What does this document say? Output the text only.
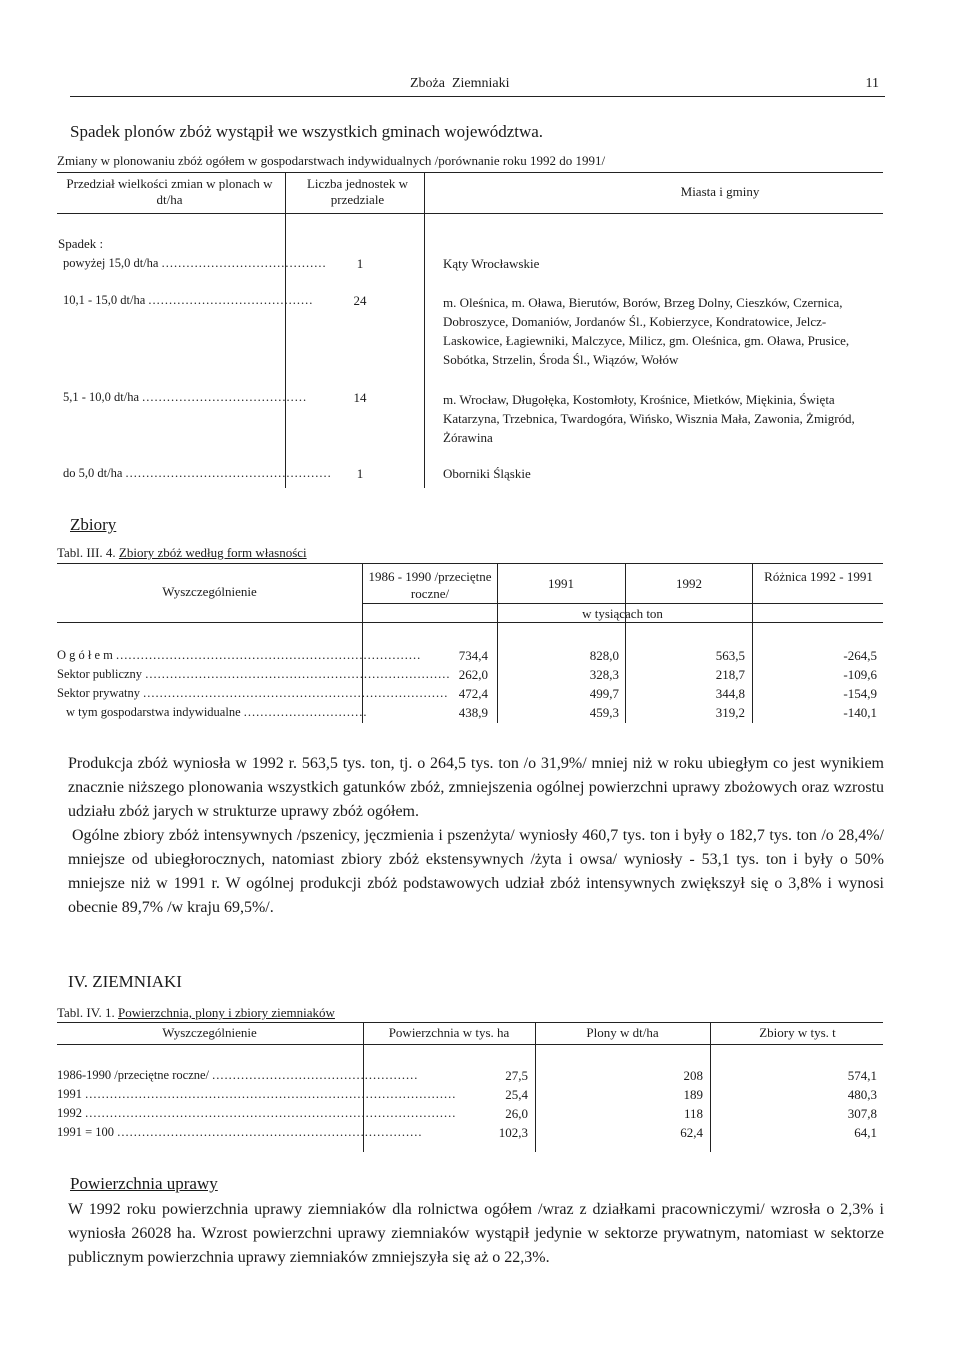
Zboża  Ziemniaki	11
Spadek plonów zbóż wystąpił we wszystkich gminach województwa.
Zmiany w plonowaniu zbóż ogółem w gospodarstwach indywidualnych /porównanie roku 1992 do 1991/
Przedział wielkości zmian w plonach w dt/ha
Liczba jednostek w przedziale
Miasta i gminy
Spadek :
powyżej 15,0 dt/ha ........................................	1	Kąty Wrocławskie
10,1 - 15,0 dt/ha ........................................	24	m. Oleśnica, m. Oława, Bierutów, Borów, Brzeg Dolny, Cieszków, Czernica, Dobroszyce, Domaniów, Jordanów Śl., Kobierzyce, Kondratowice, Jelcz-Laskowice, Łagiewniki, Malczyce, Milicz, gm. Oleśnica, gm. Oława, Prusice, Sobótka, Strzelin, Środa Śl., Wiązów, Wołów
5,1 - 10,0 dt/ha ........................................	14	m. Wrocław, Długołęka, Kostomłoty, Krośnice, Mietków, Miękinia, Święta Katarzyna, Trzebnica, Twardogóra, Wińsko, Wisznia Mała, Zawonia, Żmigród, Żórawina
do 5,0 dt/ha ..................................................	1	Oborniki Śląskie
Zbiory
Tabl. III. 4. Zbiory zbóż według form własności
Wyszczególnienie
1986 - 1990 /przeciętne roczne/
1991	1992	Różnica 1992 - 1991
w tysiącach ton
O g ó ł e m ..........................................................................	734,4	828,0	563,5	-264,5
Sektor publiczny .......................................................................... 262,0	328,3	218,7	-109,6
Sektor prywatny .......................................................................... 472,4	499,7	344,8	-154,9
w tym gospodarstwa indywidualne ..............................	438,9	459,3	319,2	-140,1
Produkcja zbóż wyniosła w 1992 r. 563,5 tys. ton, tj. o 264,5 tys. ton /o 31,9%/ mniej niż w roku ubiegłym co jest wynikiem znacznie niższego plonowania wszystkich gatunków zbóż, zmniejszenia ogólnej powierzchni uprawy zbożowych oraz wzrostu udziału zbóż jarych w strukturze uprawy zbóż ogółem.
Ogólne zbiory zbóż intensywnych /pszenicy, jęczmienia i pszenżyta/ wyniosły 460,7 tys. ton i były o 182,7 tys. ton /o 28,4%/ mniejsze od ubiegłorocznych, natomiast zbiory zbóż ekstensywnych /żyta i owsa/ wyniosły - 53,1 tys. ton i były o 50% mniejsze niż w 1991 r. W ogólnej produkcji zbóż podstawowych udział zbóż intensywnych zwiększył się o 3,8% i wynosi obecnie 89,7% /w kraju 69,5%/.
IV. ZIEMNIAKI
Tabl. IV. 1. Powierzchnia, plony i zbiory ziemniaków
Wyszczególnienie	Powierzchnia w tys. ha	Plony w dt/ha	Zbiory w tys. t
1986-1990 /przeciętne roczne/ ..................................................	27,5	208	574,1
1991 ..........................................................................................	25,4	189	480,3
1992 ..........................................................................................	26,0	118	307,8
1991 = 100 ..........................................................................	102,3	62,4	64,1
Powierzchnia uprawy
W 1992 roku powierzchnia uprawy ziemniaków dla rolnictwa ogółem /wraz z działkami pracowniczymi/ wzrosła o 2,3% i wyniosła 26028 ha. Wzrost powierzchni uprawy ziemniaków wystąpił jedynie w sektorze prywatnym, natomiast w sektorze publicznym powierzchnia uprawy ziemniaków zmniejszyła się aż o 22,3%.
